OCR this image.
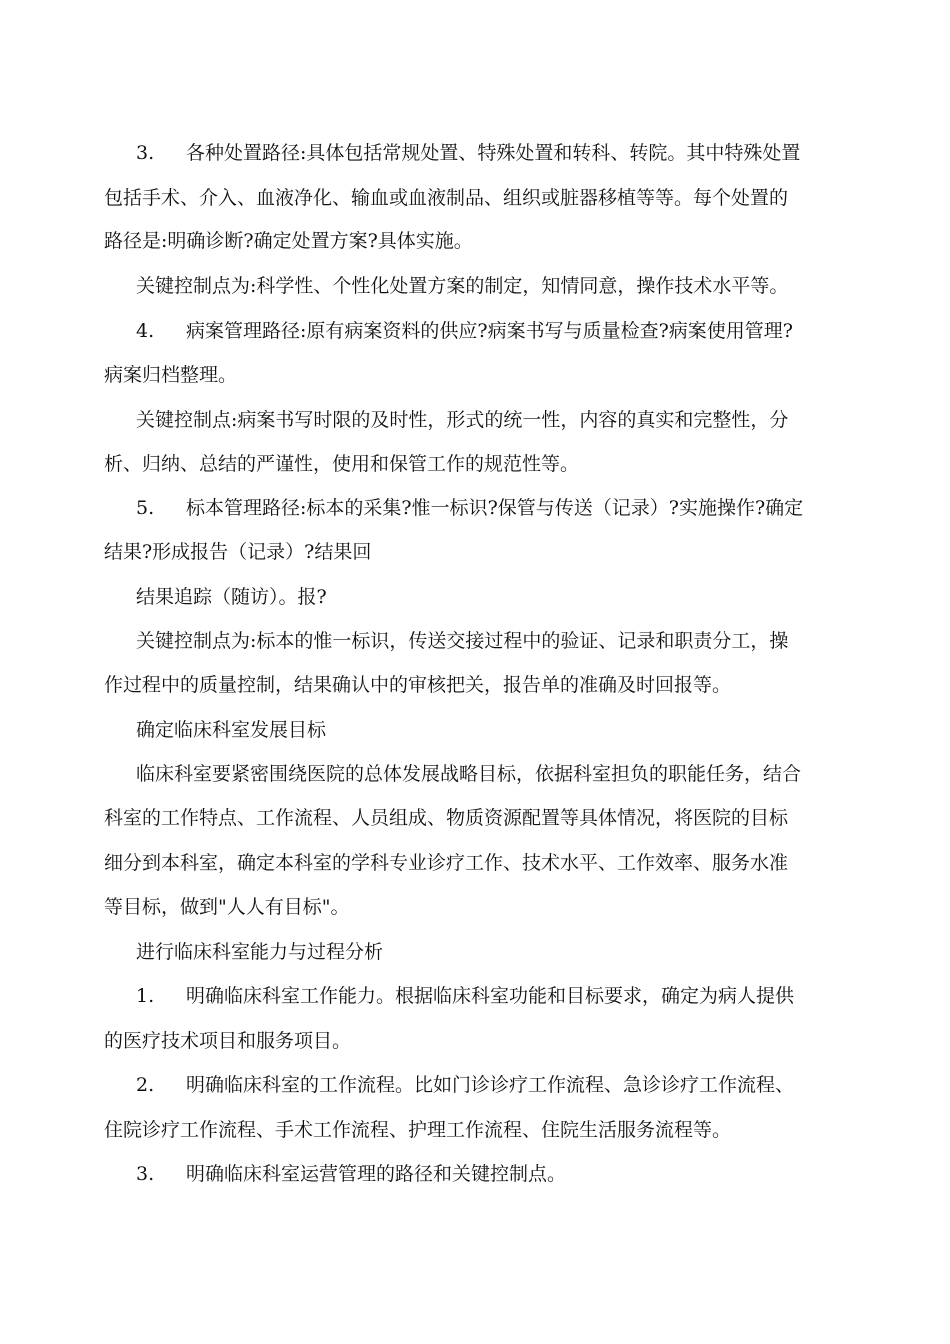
3. 各种处置路径:具体包括常规处置、特殊处置和转科、转院。其中特殊处置
包括手术、介入、血液净化、输血或血液制品、组织或脏器移植等等。每个处置的
路径是:明确诊断?确定处置方案?具体实施。
关键控制点为:科学性、个性化处置方案的制定，知情同意，操作技术水平等。
4. 病案管理路径:原有病案资料的供应?病案书写与质量检查?病案使用管理?
病案归档整理。
关键控制点:病案书写时限的及时性，形式的统一性，内容的真实和完整性，分
析、归纳、总结的严谨性，使用和保管工作的规范性等。
5. 标本管理路径:标本的采集?惟一标识?保管与传送（记录）?实施操作?确定
结果?形成报告（记录）?结果回
结果追踪（随访）。报?
关键控制点为:标本的惟一标识，传送交接过程中的验证、记录和职责分工，操
作过程中的质量控制，结果确认中的审核把关，报告单的准确及时回报等。
确定临床科室发展目标
临床科室要紧密围绕医院的总体发展战略目标，依据科室担负的职能任务，结合
科室的工作特点、工作流程、人员组成、物质资源配置等具体情况，将医院的目标
细分到本科室，确定本科室的学科专业诊疗工作、技术水平、工作效率、服务水准
等目标，做到"人人有目标"。
进行临床科室能力与过程分析
1. 明确临床科室工作能力。根据临床科室功能和目标要求，确定为病人提供
的医疗技术项目和服务项目。
2. 明确临床科室的工作流程。比如门诊诊疗工作流程、急诊诊疗工作流程、
住院诊疗工作流程、手术工作流程、护理工作流程、住院生活服务流程等。
3. 明确临床科室运营管理的路径和关键控制点。
